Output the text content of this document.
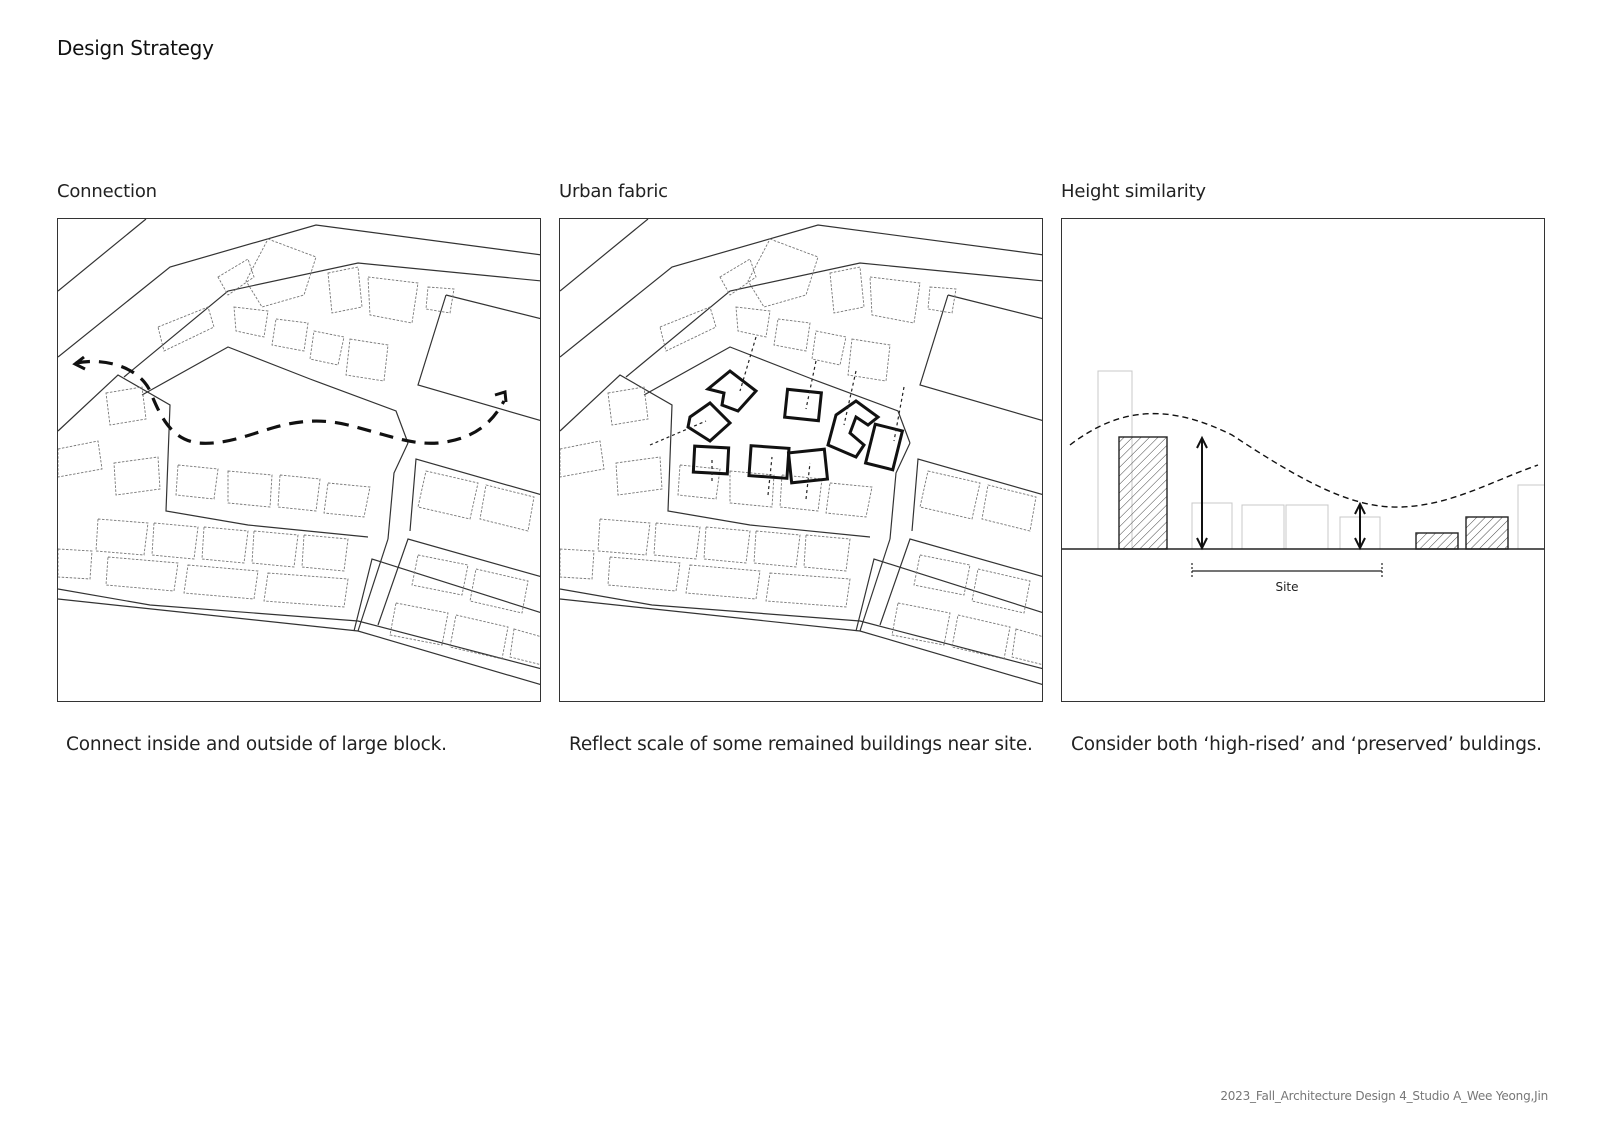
Design Strategy
Connection
Connect inside and outside of large block.
Urban fabric
Reflect scale of some remained buildings near site.
Height similarity
Site
Consider both ‘high-rised’ and ‘preserved’ buldings.
2023_Fall_Architecture Design 4_Studio A_Wee Yeong,Jin
